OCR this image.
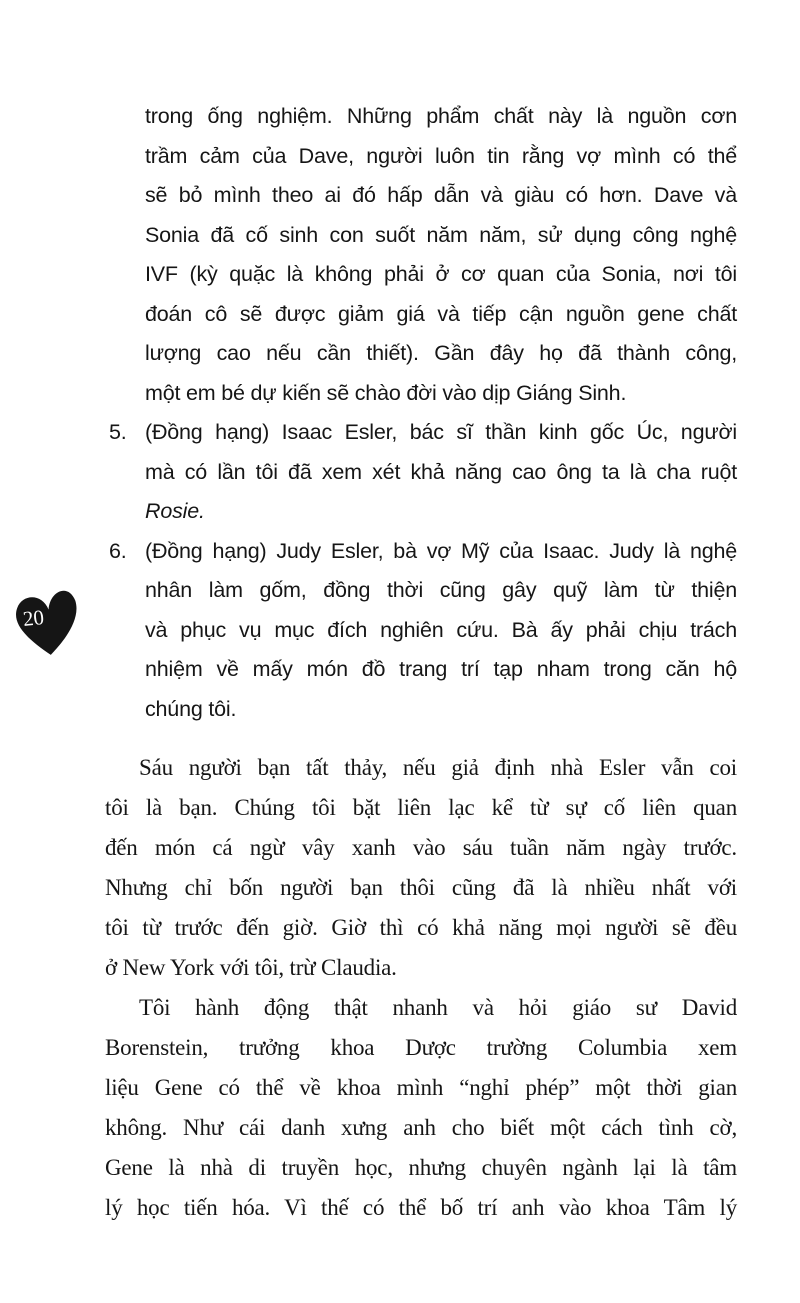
20
trong ống nghiệm. Những phẩm chất này là nguồn cơn
trầm cảm của Dave, người luôn tin rằng vợ mình có thể
sẽ bỏ mình theo ai đó hấp dẫn và giàu có hơn. Dave và
Sonia đã cố sinh con suốt năm năm, sử dụng công nghệ
IVF (kỳ quặc là không phải ở cơ quan của Sonia, nơi tôi
đoán cô sẽ được giảm giá và tiếp cận nguồn gene chất
lượng cao nếu cần thiết). Gần đây họ đã thành công,
một em bé dự kiến sẽ chào đời vào dịp Giáng Sinh.
5. (Đồng hạng) Isaac Esler, bác sĩ thần kinh gốc Úc, người
mà có lần tôi đã xem xét khả năng cao ông ta là cha ruột
Rosie.
6. (Đồng hạng) Judy Esler, bà vợ Mỹ của Isaac. Judy là nghệ
nhân làm gốm, đồng thời cũng gây quỹ làm từ thiện
và phục vụ mục đích nghiên cứu. Bà ấy phải chịu trách
nhiệm về mấy món đồ trang trí tạp nham trong căn hộ
chúng tôi.
Sáu người bạn tất thảy, nếu giả định nhà Esler vẫn coi
tôi là bạn. Chúng tôi bặt liên lạc kể từ sự cố liên quan
đến món cá ngừ vây xanh vào sáu tuần năm ngày trước.
Nhưng chỉ bốn người bạn thôi cũng đã là nhiều nhất với
tôi từ trước đến giờ. Giờ thì có khả năng mọi người sẽ đều
ở New York với tôi, trừ Claudia.
Tôi hành động thật nhanh và hỏi giáo sư David
Borenstein, trưởng khoa Dược trường Columbia xem
liệu Gene có thể về khoa mình “nghỉ phép” một thời gian
không. Như cái danh xưng anh cho biết một cách tình cờ,
Gene là nhà di truyền học, nhưng chuyên ngành lại là tâm
lý học tiến hóa. Vì thế có thể bố trí anh vào khoa Tâm lý
